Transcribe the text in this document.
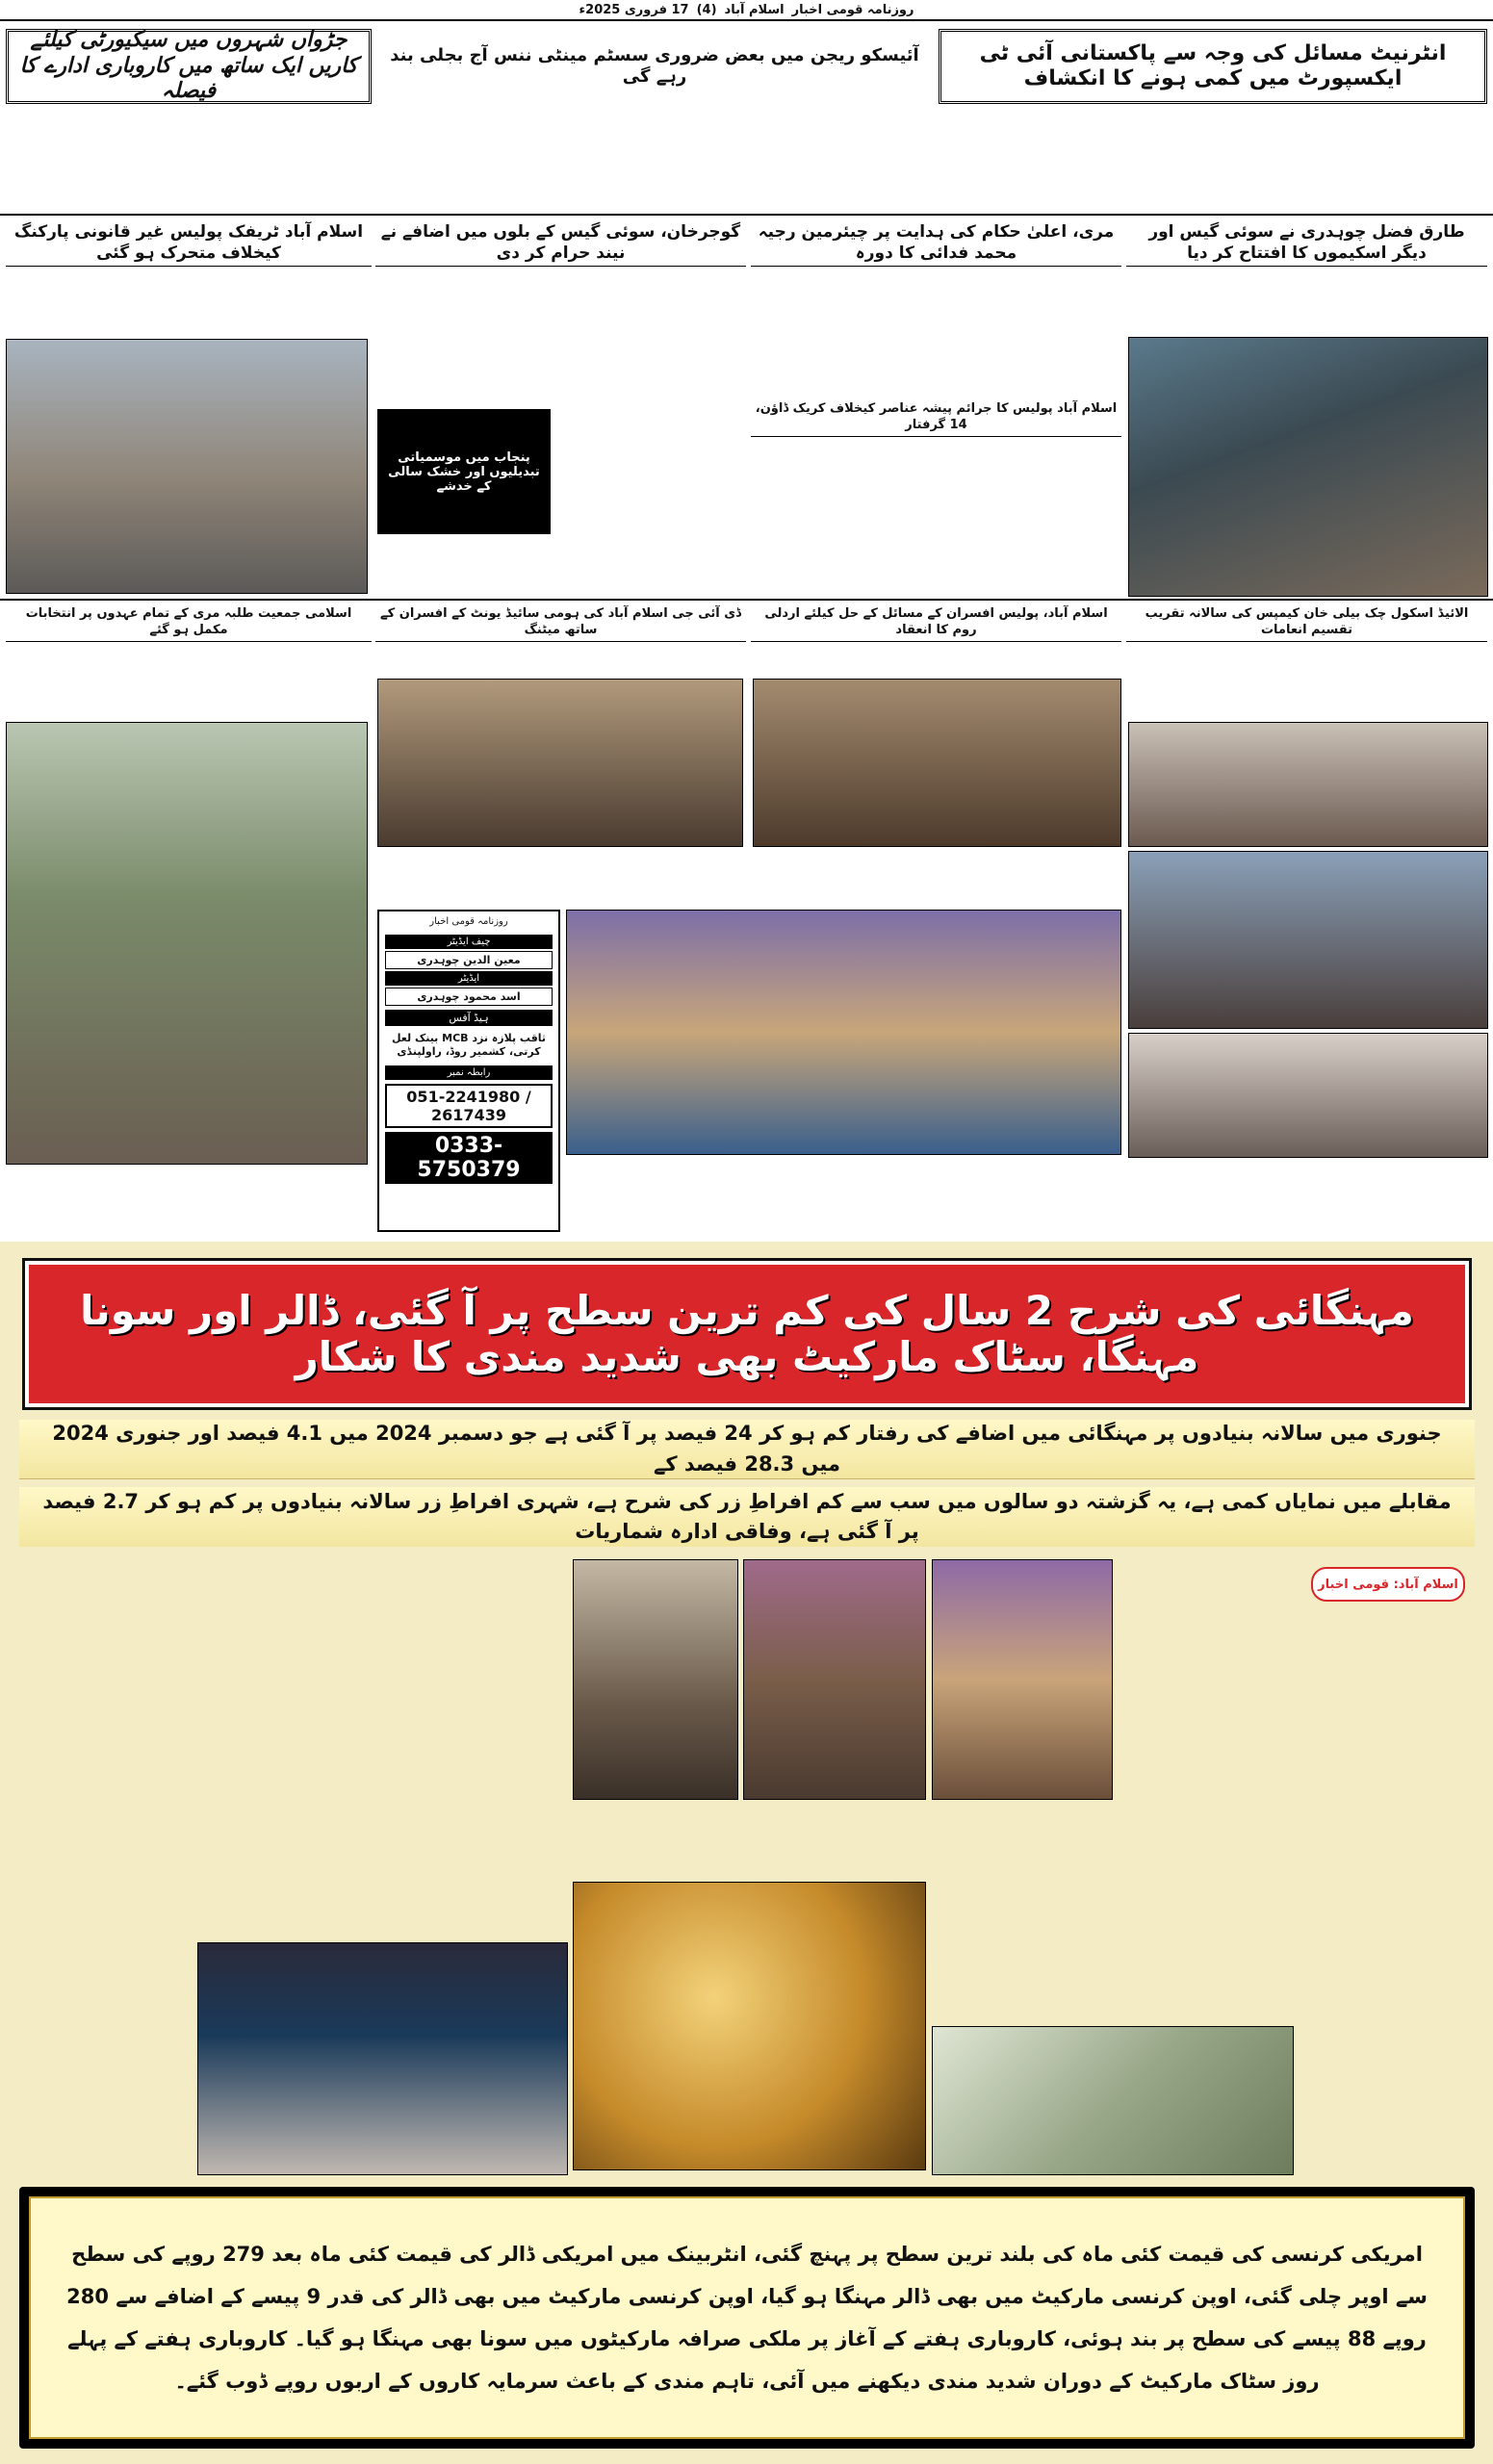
روزنامہ قومی اخبار
اسلام آباد
(4)
17 فروری 2025ء
انٹرنیٹ مسائل کی وجہ سے پاکستانی آئی ٹی ایکسپورٹ میں کمی ہونے کا انکشاف
آئیسکو ریجن میں بعض ضروری سسٹم مینٹی ننس آج بجلی بند رہے گی
جڑواں شہروں میں سیکیورٹی کیلئے کاریں ایک ساتھ میں کاروباری ادارے کا فیصلہ
طارق فضل چوہدری نے سوئی گیس اور دیگر اسکیموں کا افتتاح کر دیا
مری، اعلیٰ حکام کی ہدایت پر چیئرمین رجیہ محمد فدائی کا دورہ
گوجرخان، سوئی گیس کے بلوں میں اضافے نے نیند حرام کر دی
اسلام آباد ٹریفک پولیس غیر قانونی پارکنگ کیخلاف متحرک ہو گئی
اسلام آباد پولیس کا جرائم پیشہ عناصر کیخلاف کریک ڈاؤن، 14 گرفتار
پنجاب میں موسمیاتی تبدیلیوں اور خشک سالی کے خدشے
الائیڈ اسکول چک بیلی خان کیمپس کی سالانہ تقریب تقسیم انعامات
اسلام آباد، پولیس افسران کے مسائل کے حل کیلئے اردلی روم کا انعقاد
ڈی آئی جی اسلام آباد کی ہومی سائیڈ یونٹ کے افسران کے ساتھ میٹنگ
اسلامی جمعیت طلبہ مری کے تمام عہدوں پر انتخابات مکمل ہو گئے
روزنامہ قومی اخبار
چیف ایڈیٹر
معین الدین چوہدری
ایڈیٹر
اسد محمود چوہدری
ہیڈ آفس
ثاقب پلازہ نزد MCB بینک لعل کرتی، کشمیر روڈ، راولپنڈی
رابطہ نمبر
051-2241980 / 2617439
0333-5750379
مہنگائی کی شرح 2 سال کی کم ترین سطح پر آ گئی، ڈالر اور سونا مہنگا، سٹاک مارکیٹ بھی شدید مندی کا شکار
جنوری میں سالانہ بنیادوں پر مہنگائی میں اضافے کی رفتار کم ہو کر 24 فیصد پر آ گئی ہے جو دسمبر 2024 میں 4.1 فیصد اور جنوری 2024 میں 28.3 فیصد کے
مقابلے میں نمایاں کمی ہے، یہ گزشتہ دو سالوں میں سب سے کم افراطِ زر کی شرح ہے، شہری افراطِ زر سالانہ بنیادوں پر کم ہو کر 2.7 فیصد پر آ گئی ہے، وفاقی ادارہ شماریات
اسلام آباد: قومی اخبار
امریکی کرنسی کی قیمت کئی ماہ کی بلند ترین سطح پر پہنچ گئی، انٹربینک میں امریکی ڈالر کی قیمت کئی ماہ بعد 279 روپے کی سطح سے اوپر چلی گئی، اوپن کرنسی مارکیٹ میں بھی ڈالر مہنگا ہو گیا، اوپن کرنسی مارکیٹ میں بھی ڈالر کی قدر 9 پیسے کے اضافے سے 280 روپے 88 پیسے کی سطح پر بند ہوئی، کاروباری ہفتے کے آغاز پر ملکی صرافہ مارکیٹوں میں سونا بھی مہنگا ہو گیا۔ کاروباری ہفتے کے پہلے روز سٹاک مارکیٹ کے دوران شدید مندی دیکھنے میں آئی، تاہم مندی کے باعث سرمایہ کاروں کے اربوں روپے ڈوب گئے۔
